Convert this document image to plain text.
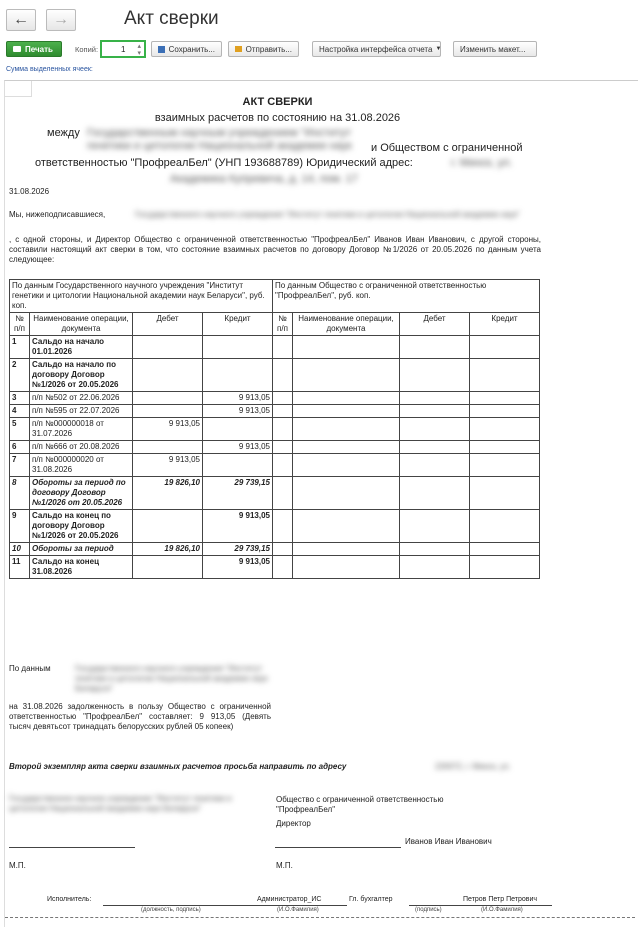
← →	Акт сверки
Печать	Копий:	1 ▴
▾	Сохранить...	Отправить...	Настройка интерфейса отчета ▼ Изменить макет...
Сумма выделенных ячеек:
АКТ СВЕРКИ
взаимных расчетов по состоянию на 31.08.2026
между Государственным научным учреждением "Институт генетики и цитологии Национальной академии наук	и Обществом с ограниченной
ответственностью "ПрофреалБел" (УНП 193688789) Юридический адрес:	г. Минск, ул.
Академика Купревича, д. 14, пом. 17
31.08.2026
Мы, нижеподписавшиеся,	Государственного научного учреждения "Институт генетики и цитологии Национальной академии наук"
, с одной стороны, и Директор Общество с ограниченной ответственностью "ПрофреалБел" Иванов Иван Иванович, с другой стороны, составили настоящий акт сверки в том, что состояние взаимных расчетов по договору Договор №1/2026 от 20.05.2026 по данным учета следующее:
По данным Государственного научного учреждения "Институт генетики и цитологии Национальной академии наук Беларуси", руб. коп.				По данным Общество с ограниченной ответственностью "ПрофреалБел", руб. коп.			
№ п/п	Наименование операции, документа	Дебет	Кредит	№ п/п	Наименование операции, документа	Дебет	Кредит
1	Сальдо на начало 01.01.2026						
2	Сальдо на начало по договору Договор №1/2026 от 20.05.2026						
3	п/п №502 от 22.06.2026		9 913,05				
4	п/п №595 от 22.07.2026		9 913,05				
5	п/п №000000018 от 31.07.2026	9 913,05					
6	п/п №666 от 20.08.2026		9 913,05				
7	п/п №000000020 от 31.08.2026	9 913,05					
8	Обороты за период по договору Договор №1/2026 от 20.05.2026	19 826,10	29 739,15				
9	Сальдо на конец по договору Договор №1/2026 от 20.05.2026		9 913,05				
10	Обороты за период	19 826,10	29 739,15				
11	Сальдо на конец 31.08.2026		9 913,05				
По данным	Государственного научного учреждения "Институт генетики и цитологии Национальной академии наук Беларуси"
на 31.08.2026 задолженность в пользу Общество с ограниченной ответственностью "ПрофреалБел" составляет: 9 913,05 (Девять тысяч девятьсот тринадцать белорусских рублей 05 копеек)
Второй экземпляр акта сверки взаимных расчетов просьба направить по адресу	220072, г. Минск, ул.
Государственное научное учреждение "Институт генетики и цитологии Национальной академии наук Беларуси"
Общество с ограниченной ответственностью "ПрофреалБел"
Директор
Иванов Иван Иванович
М.П.	М.П.
Исполнитель:	Администратор_ИС	Гл. бухгалтер	Петров Петр Петрович
(должность, подпись)	(И.О.Фамилия)	(подпись)	(И.О.Фамилия)
